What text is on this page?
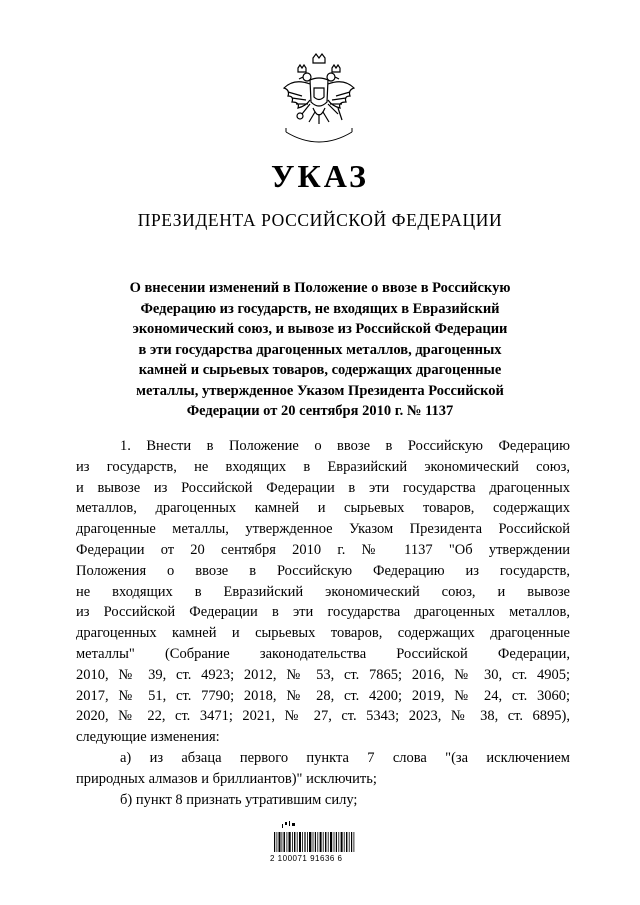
УКАЗ
ПРЕЗИДЕНТА РОССИЙСКОЙ ФЕДЕРАЦИИ
О внесении изменений в Положение о ввозе в Российскую
Федерацию из государств, не входящих в Евразийский
экономический союз, и вывозе из Российской Федерации
в эти государства драгоценных металлов, драгоценных
камней и сырьевых товаров, содержащих драгоценные
металлы, утвержденное Указом Президента Российской
Федерации от 20 сентября 2010 г. № 1137
1. Внести в Положение о ввозе в Российскую Федерацию
из государств, не входящих в Евразийский экономический союз,
и вывозе из Российской Федерации в эти государства драгоценных
металлов, драгоценных камней и сырьевых товаров, содержащих
драгоценные металлы, утвержденное Указом Президента Российской
Федерации от 20 сентября 2010 г. № 1137 "Об утверждении
Положения о ввозе в Российскую Федерацию из государств,
не входящих в Евразийский экономический союз, и вывозе
из Российской Федерации в эти государства драгоценных металлов,
драгоценных камней и сырьевых товаров, содержащих драгоценные
металлы" (Собрание законодательства Российской Федерации,
2010, № 39, ст. 4923; 2012, № 53, ст. 7865; 2016, № 30, ст. 4905;
2017, № 51, ст. 7790; 2018, № 28, ст. 4200; 2019, № 24, ст. 3060;
2020, № 22, ст. 3471; 2021, № 27, ст. 5343; 2023, № 38, ст. 6895),
следующие изменения:
а) из абзаца первого пункта 7 слова "(за исключением
природных алмазов и бриллиантов)" исключить;
б) пункт 8 признать утратившим силу;
2 100071 91636 6
